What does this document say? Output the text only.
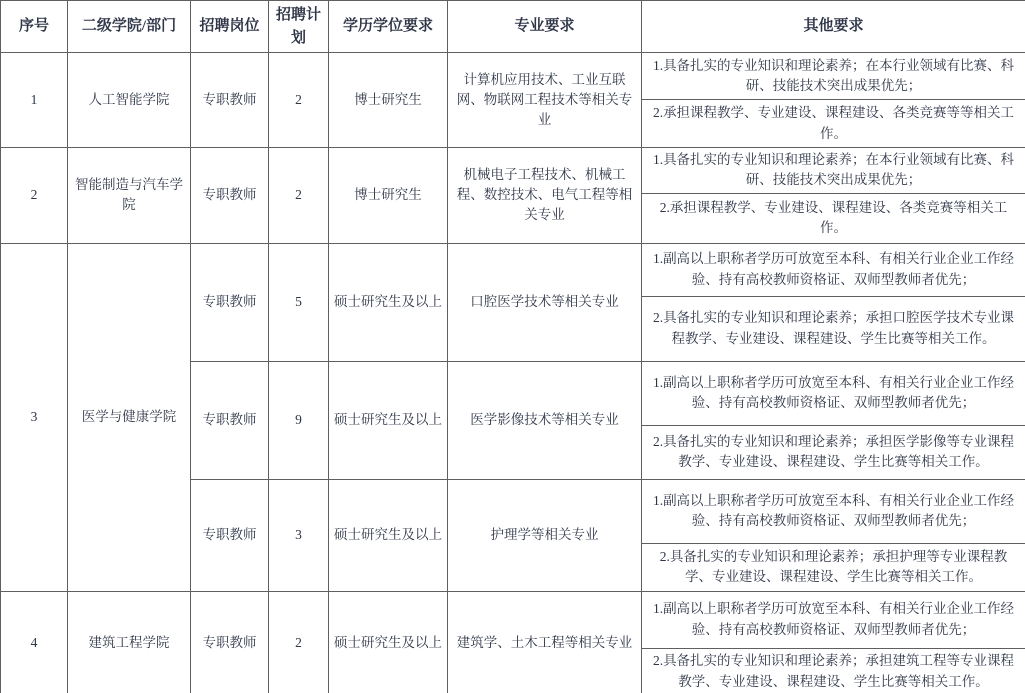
序号	二级学院/部门	招聘岗位	招聘计划	学历学位要求	专业要求	其他要求
1	人工智能学院	专职教师	2	博士研究生	计算机应用技术、工业互联网、物联网工程技术等相关专业	1.具备扎实的专业知识和理论素养；在本行业领域有比赛、科研、技能技术突出成果优先；
						2.承担课程教学、专业建设、课程建设、各类竞赛等等相关工作。
2	智能制造与汽车学院	专职教师	2	博士研究生	机械电子工程技术、机械工程、数控技术、电气工程等相关专业	1.具备扎实的专业知识和理论素养；在本行业领域有比赛、科研、技能技术突出成果优先；
						2.承担课程教学、专业建设、课程建设、各类竞赛等相关工作。
3	医学与健康学院	专职教师	5	硕士研究生及以上	口腔医学技术等相关专业	1.副高以上职称者学历可放宽至本科、有相关行业企业工作经验、持有高校教师资格证、双师型教师者优先；
						2.具备扎实的专业知识和理论素养；承担口腔医学技术专业课程教学、专业建设、课程建设、学生比赛等相关工作。
		专职教师	9	硕士研究生及以上	医学影像技术等相关专业	1.副高以上职称者学历可放宽至本科、有相关行业企业工作经验、持有高校教师资格证、双师型教师者优先；
						2.具备扎实的专业知识和理论素养；承担医学影像等专业课程教学、专业建设、课程建设、学生比赛等相关工作。
		专职教师	3	硕士研究生及以上	护理学等相关专业	1.副高以上职称者学历可放宽至本科、有相关行业企业工作经验、持有高校教师资格证、双师型教师者优先；
						2.具备扎实的专业知识和理论素养；承担护理等专业课程教学、专业建设、课程建设、学生比赛等相关工作。
4	建筑工程学院	专职教师	2	硕士研究生及以上	建筑学、土木工程等相关专业	1.副高以上职称者学历可放宽至本科、有相关行业企业工作经验、持有高校教师资格证、双师型教师者优先；
						2.具备扎实的专业知识和理论素养；承担建筑工程等专业课程教学、专业建设、课程建设、学生比赛等相关工作。
